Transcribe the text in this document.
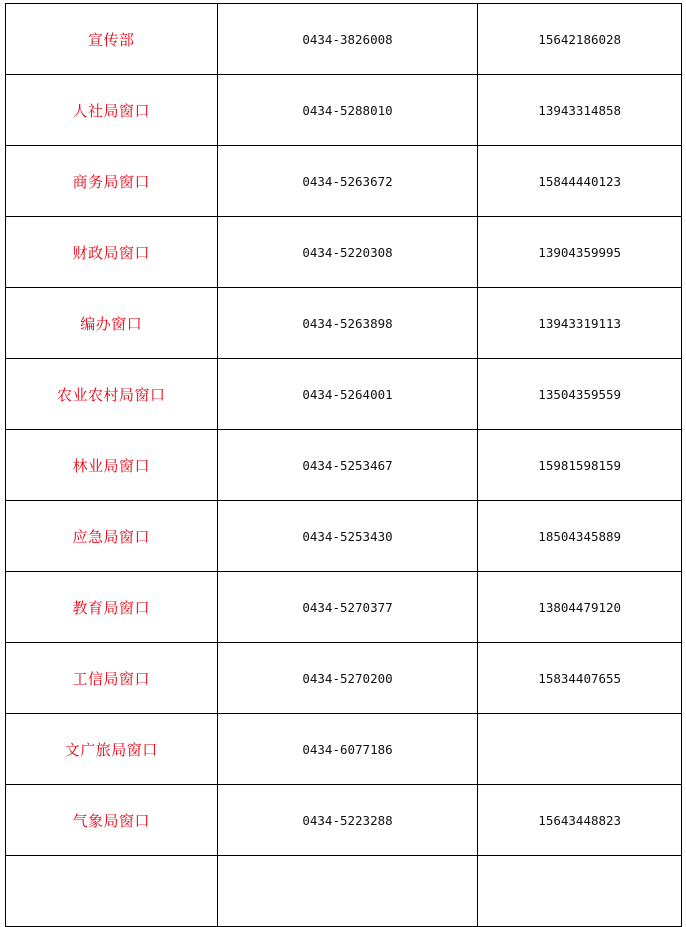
宣传部	0434-3826008	15642186028
人社局窗口	0434-5288010	13943314858
商务局窗口	0434-5263672	15844440123
财政局窗口	0434-5220308	13904359995
编办窗口	0434-5263898	13943319113
农业农村局窗口	0434-5264001	13504359559
林业局窗口	0434-5253467	15981598159
应急局窗口	0434-5253430	18504345889
教育局窗口	0434-5270377	13804479120
工信局窗口	0434-5270200	15834407655
文广旅局窗口	0434-6077186	
气象局窗口	0434-5223288	15643448823
